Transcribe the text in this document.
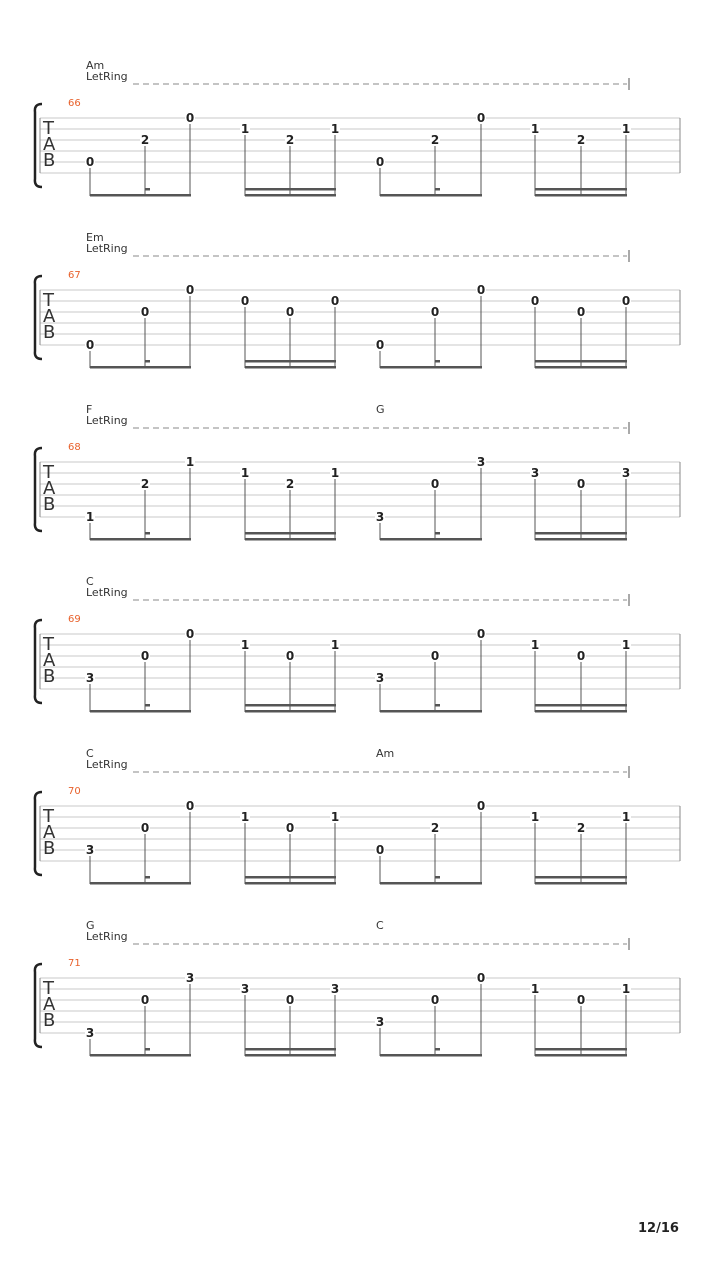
Am
LetRing
66
T
A
B	0
2
0
1
2
1
0
2
0
1
2
1
Em
LetRing
67
T
A
B
0
0
0
0
0
0
0
0
0
0
0
0
F	G
LetRing
68
T
A
B
1
2
1
1
2
1
3
0
3
3
0
3
C
LetRing
69
T
A
B	3
0
0
1
0
1
3
0
0
1
0
1
C	Am
LetRing
70
T
A
B	3
0
0
1
0
1
0
2
0
1
2
1
G	C
LetRing
71
T
A
B
3
0
3
3
0
3
3
0
0
1
0
1
12/16
